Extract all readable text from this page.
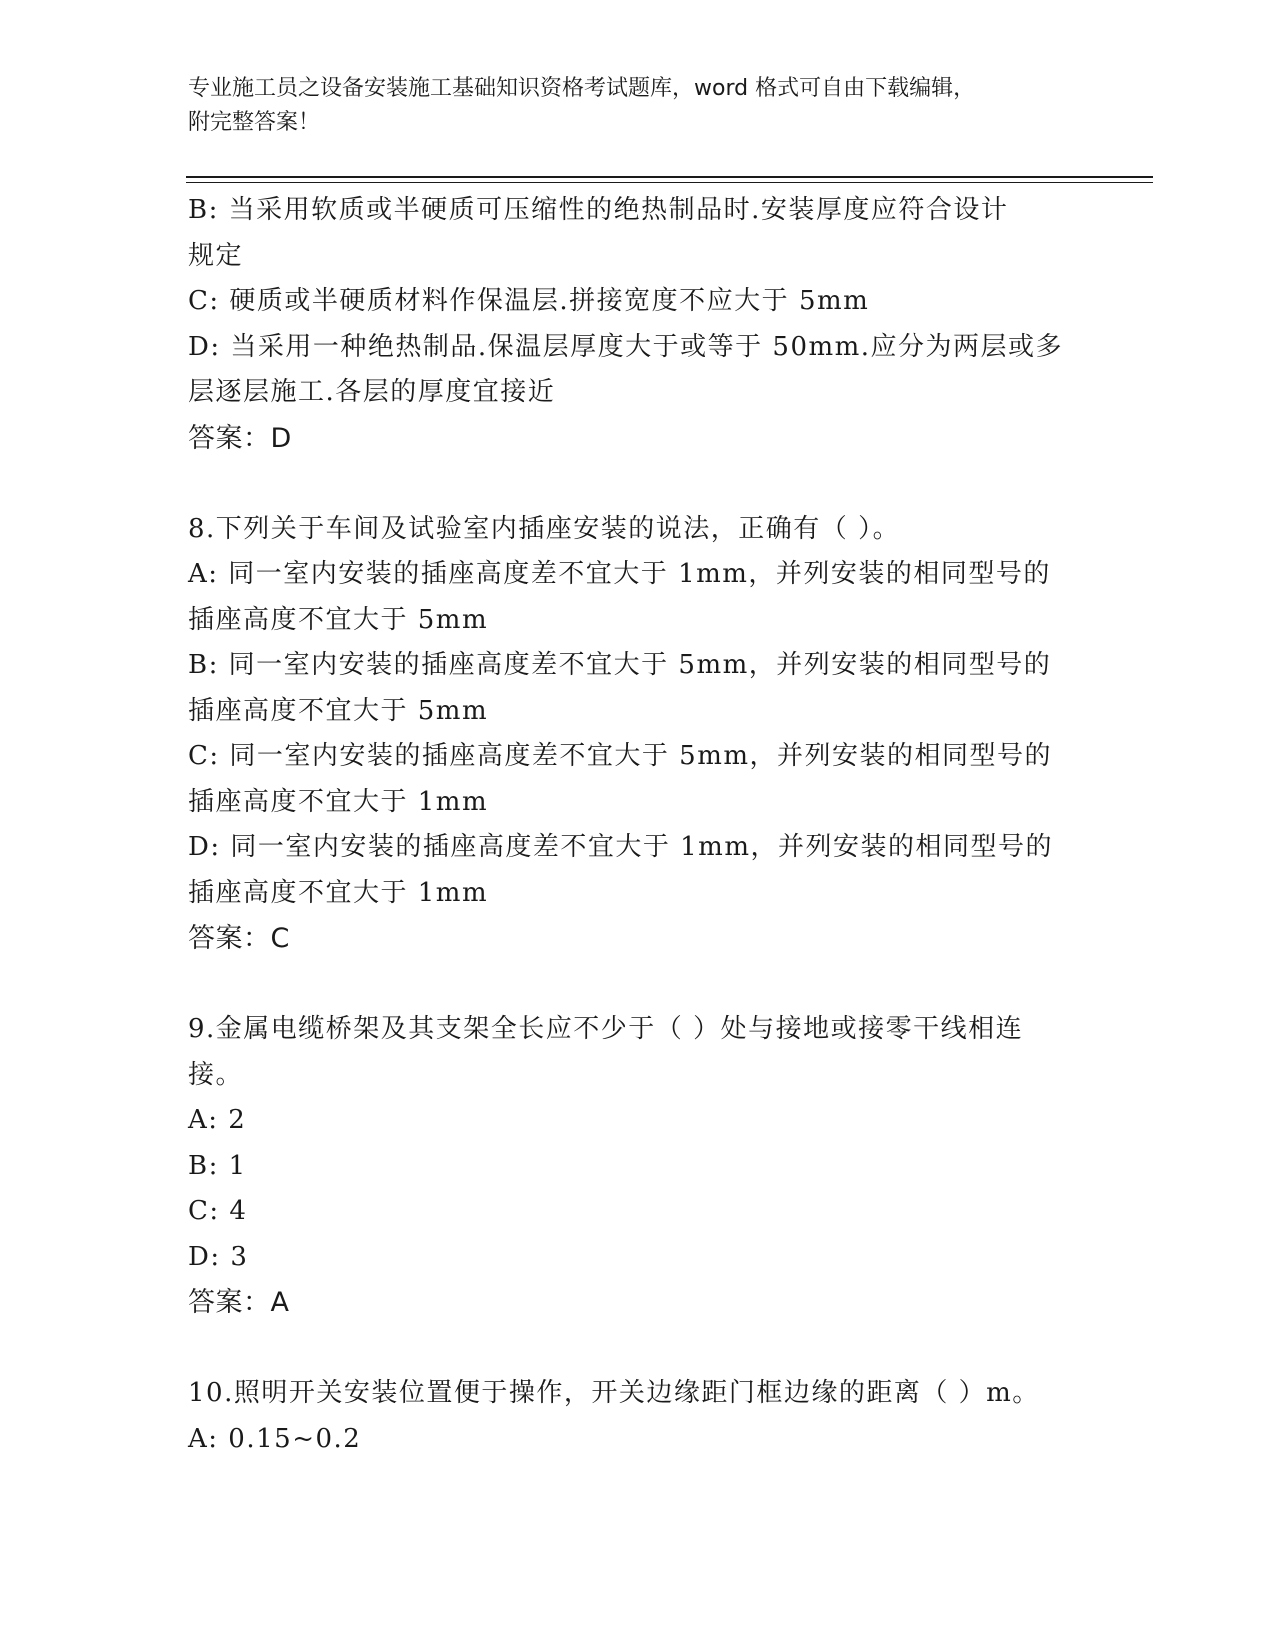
专业施工员之设备安装施工基础知识资格考试题库，word 格式可自由下载编辑，
附完整答案！
B: 当采用软质或半硬质可压缩性的绝热制品时.安装厚度应符合设计
规定
C: 硬质或半硬质材料作保温层.拼接宽度不应大于 5mm
D: 当采用一种绝热制品.保温层厚度大于或等于 50mm.应分为两层或多
层逐层施工.各层的厚度宜接近
答案：D
8.下列关于车间及试验室内插座安装的说法，正确有（ ）。
A: 同一室内安装的插座高度差不宜大于 1mm，并列安装的相同型号的
插座高度不宜大于 5mm
B: 同一室内安装的插座高度差不宜大于 5mm，并列安装的相同型号的
插座高度不宜大于 5mm
C: 同一室内安装的插座高度差不宜大于 5mm，并列安装的相同型号的
插座高度不宜大于 1mm
D: 同一室内安装的插座高度差不宜大于 1mm，并列安装的相同型号的
插座高度不宜大于 1mm
答案：C
9.金属电缆桥架及其支架全长应不少于（ ）处与接地或接零干线相连
接。
A: 2
B: 1
C: 4
D: 3
答案：A
10.照明开关安装位置便于操作，开关边缘距门框边缘的距离（ ）m。
A: 0.15~0.2
